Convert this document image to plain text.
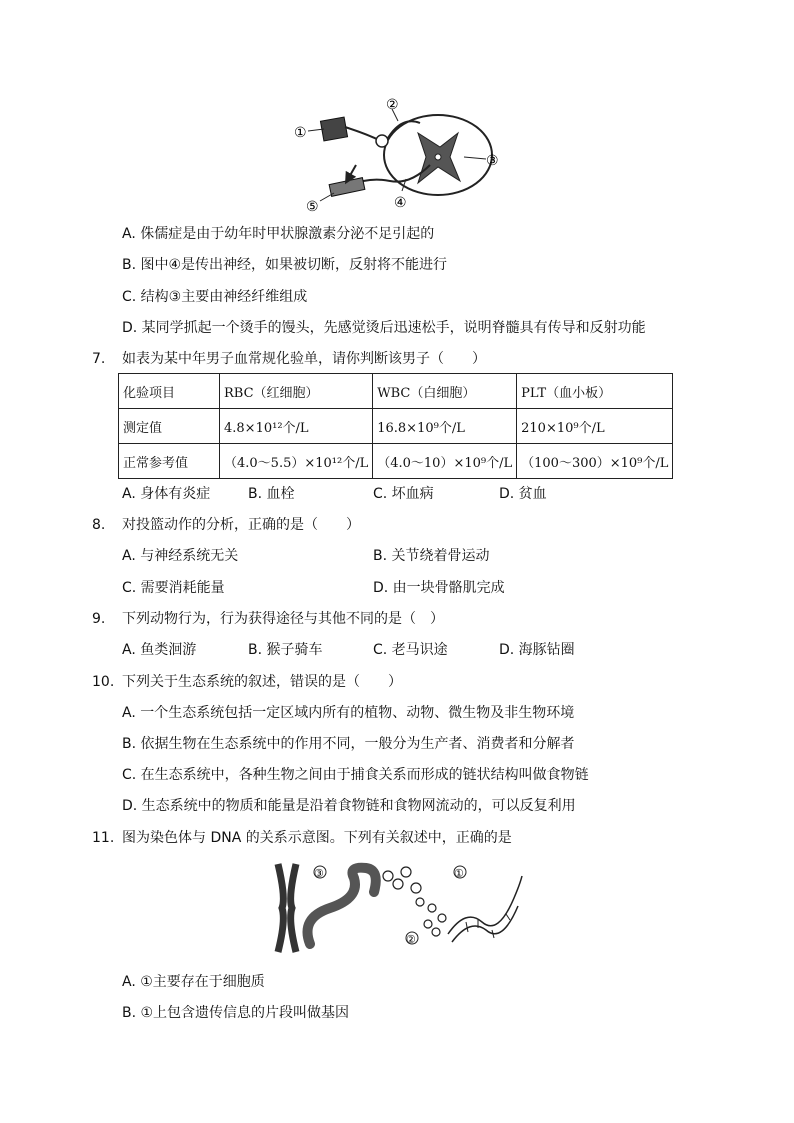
①
②
③
④
⑤
A. 侏儒症是由于幼年时甲状腺激素分泌不足引起的
B. 图中④是传出神经，如果被切断，反射将不能进行
C. 结构③主要由神经纤维组成
D. 某同学抓起一个烫手的馒头，先感觉烫后迅速松手，说明脊髓具有传导和反射功能
7. 如表为某中年男子血常规化验单，请你判断该男子（　　）
化验项目	RBC（红细胞）	WBC（白细胞）	PLT（血小板）
测定值	4.8×10¹²个/L	16.8×10⁹个/L	210×10⁹个/L
正常参考值	（4.0～5.5）×10¹²个/L	（4.0～10）×10⁹个/L	（100～300）×10⁹个/L
A. 身体有炎症	B. 血栓	C. 坏血病	D. 贫血
8. 对投篮动作的分析，正确的是（　　）
A. 与神经系统无关	B. 关节绕着骨运动
C. 需要消耗能量	D. 由一块骨骼肌完成
9. 下列动物行为，行为获得途径与其他不同的是（　）
A. 鱼类洄游	B. 猴子骑车	C. 老马识途	D. 海豚钻圈
10. 下列关于生态系统的叙述，错误的是（　　）
A. 一个生态系统包括一定区域内所有的植物、动物、微生物及非生物环境
B. 依据生物在生态系统中的作用不同，一般分为生产者、消费者和分解者
C. 在生态系统中，各种生物之间由于捕食关系而形成的链状结构叫做食物链
D. 生态系统中的物质和能量是沿着食物链和食物网流动的，可以反复利用
11. 图为染色体与 DNA 的关系示意图。下列有关叙述中，正确的是
③	①
②
A. ①主要存在于细胞质
B. ①上包含遗传信息的片段叫做基因
